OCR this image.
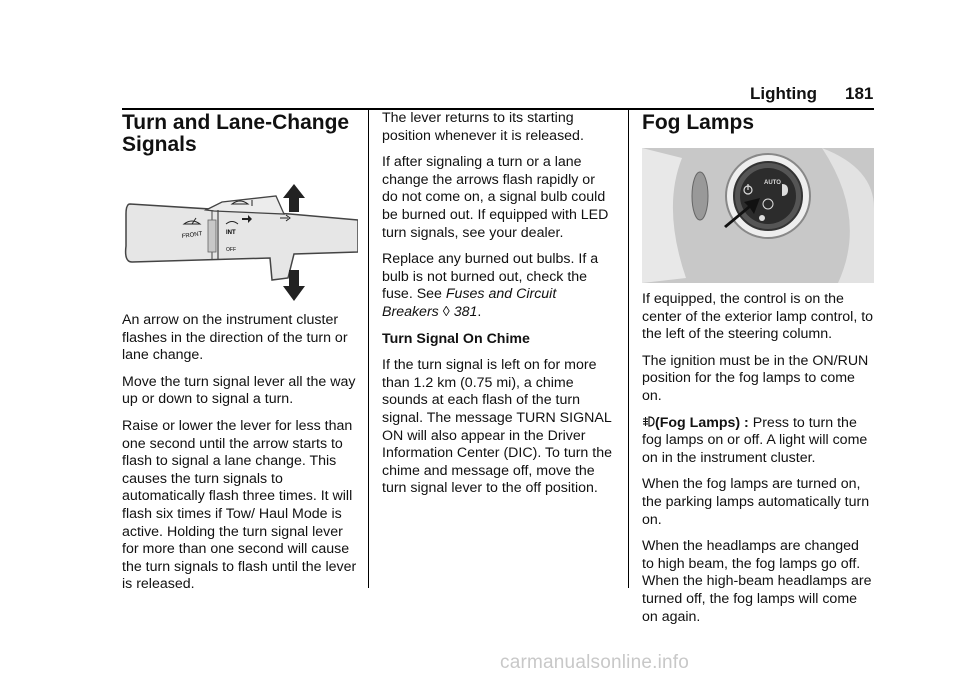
Lighting 181
Turn and Lane-Change Signals
FRONT	INT
OFF

An arrow on the instrument cluster flashes in the direction of the turn or lane change.

Move the turn signal lever all the way up or down to signal a turn.

Raise or lower the lever for less than one second until the arrow starts to flash to signal a lane change. This causes the turn signals to automatically flash three times. It will flash six times if Tow/ Haul Mode is active. Holding the turn signal lever for more than one second will cause the turn signals to flash until the lever is released.

The lever returns to its starting position whenever it is released.

If after signaling a turn or a lane change the arrows flash rapidly or do not come on, a signal bulb could be burned out. If equipped with LED turn signals, see your dealer.

Replace any burned out bulbs. If a bulb is not burned out, check the fuse. See Fuses and Circuit Breakers ◊ 381.

Turn Signal On Chime

If the turn signal is left on for more than 1.2 km (0.75 mi), a chime sounds at each flash of the turn signal. The message TURN SIGNAL ON will also appear in the Driver Information Center (DIC). To turn the chime and message off, move the turn signal lever to the off position.

Fog Lamps
AUTO

If equipped, the control is on the center of the exterior lamp control, to the left of the steering column.

The ignition must be in the ON/RUN position for the fog lamps to come on.

(Fog Lamps) : Press to turn the fog lamps on or off. A light will come on in the instrument cluster.

When the fog lamps are turned on, the parking lamps automatically turn on.

When the headlamps are changed to high beam, the fog lamps go off. When the high-beam headlamps are turned off, the fog lamps will come on again.

carmanualsonline.info
